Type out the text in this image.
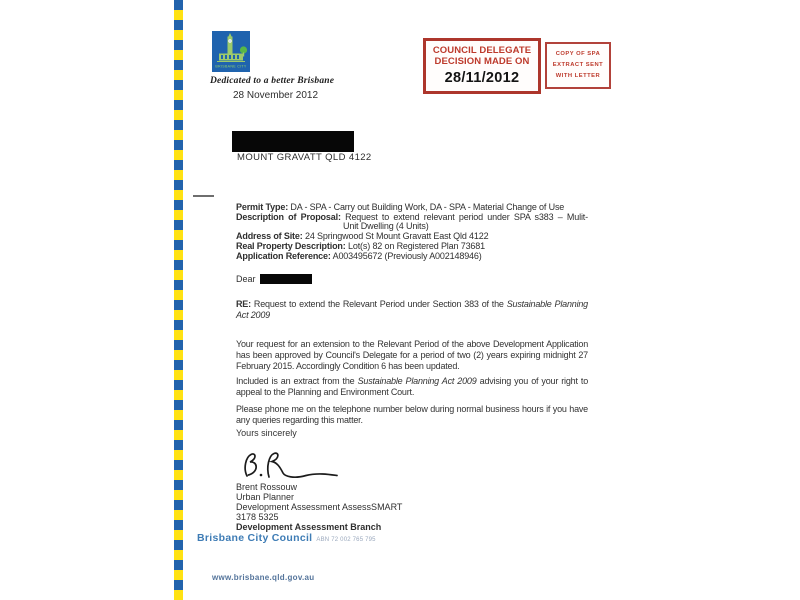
BRISBANE CITY
Dedicated to a better Brisbane
28 November 2012
COUNCIL DELEGATE
DECISION MADE ON
28/11/2012
COPY OF SPA
EXTRACT SENT
WITH LETTER
MOUNT GRAVATT QLD 4122
Permit Type: DA - SPA - Carry out Building Work, DA - SPA - Material Change of Use
Description of Proposal: Request to extend relevant period under SPA s383 – Mulit-
Unit Dwelling (4 Units)
Address of Site: 24 Springwood St Mount Gravatt East Qld 4122
Real Property Description: Lot(s) 82 on Registered Plan 73681
Application Reference: A003495672 (Previously A002148946)
Dear
RE: Request to extend the Relevant Period under Section 383 of the Sustainable Planning Act 2009
Your request for an extension to the Relevant Period of the above Development Application has been approved by Council's Delegate for a period of two (2) years expiring midnight 27 February 2015. Accordingly Condition 6 has been updated.
Included is an extract from the Sustainable Planning Act 2009 advising you of your right to appeal to the Planning and Environment Court.
Please phone me on the telephone number below during normal business hours if you have any queries regarding this matter.
Yours sincerely
Brent Rossouw
Urban Planner
Development Assessment AssessSMART
3178 5325
Development Assessment Branch
Brisbane City Council ABN 72 002 765 795
www.brisbane.qld.gov.au
